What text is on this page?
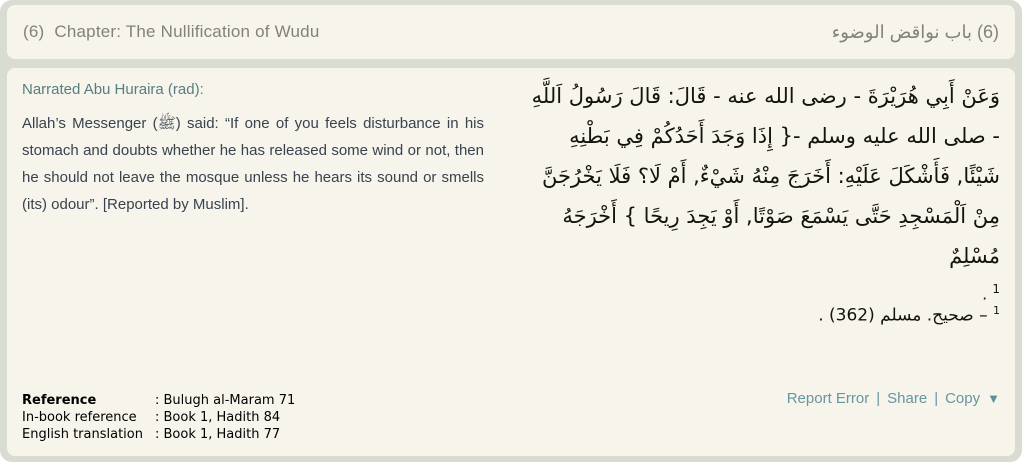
(6) Chapter: The Nullification of Wudu	(6) باب نواقض الوضوء
Narrated Abu Huraira (rad):
Allah’s Messenger (ﷺ) said: “If one of you feels disturbance in his stomach and doubts whether he has released some wind or not, then he should not leave the mosque unless he hears its sound or smells (its) odour”. [Reported by Muslim].
وَعَنْ أَبِي هُرَيْرَةَ - رضى الله عنه - قَالَ: قَالَ رَسُولُ اَللَّهِ - صلى الله عليه وسلم -{ إِذَا وَجَدَ أَحَدُكُمْ فِي بَطْنِهِ شَيْئًا, فَأَشْكَلَ عَلَيْهِ: أَخَرَجَ مِنْهُ شَيْءٌ, أَمْ لَا؟ فَلَا يَخْرُجَنَّ مِنْ اَلْمَسْجِدِ حَتَّى يَسْمَعَ صَوْتًا, أَوْ يَجِدَ رِيحًا } أَخْرَجَهُ مُسْلِمٌ
. $^1$
$^1$ – صحيح. مسلم (362) .
Reference	: Bulugh al-Maram 71
In-book reference	: Book 1, Hadith 84
English translation : Book 1, Hadith 77
Report Error | Share | Copy ▼
